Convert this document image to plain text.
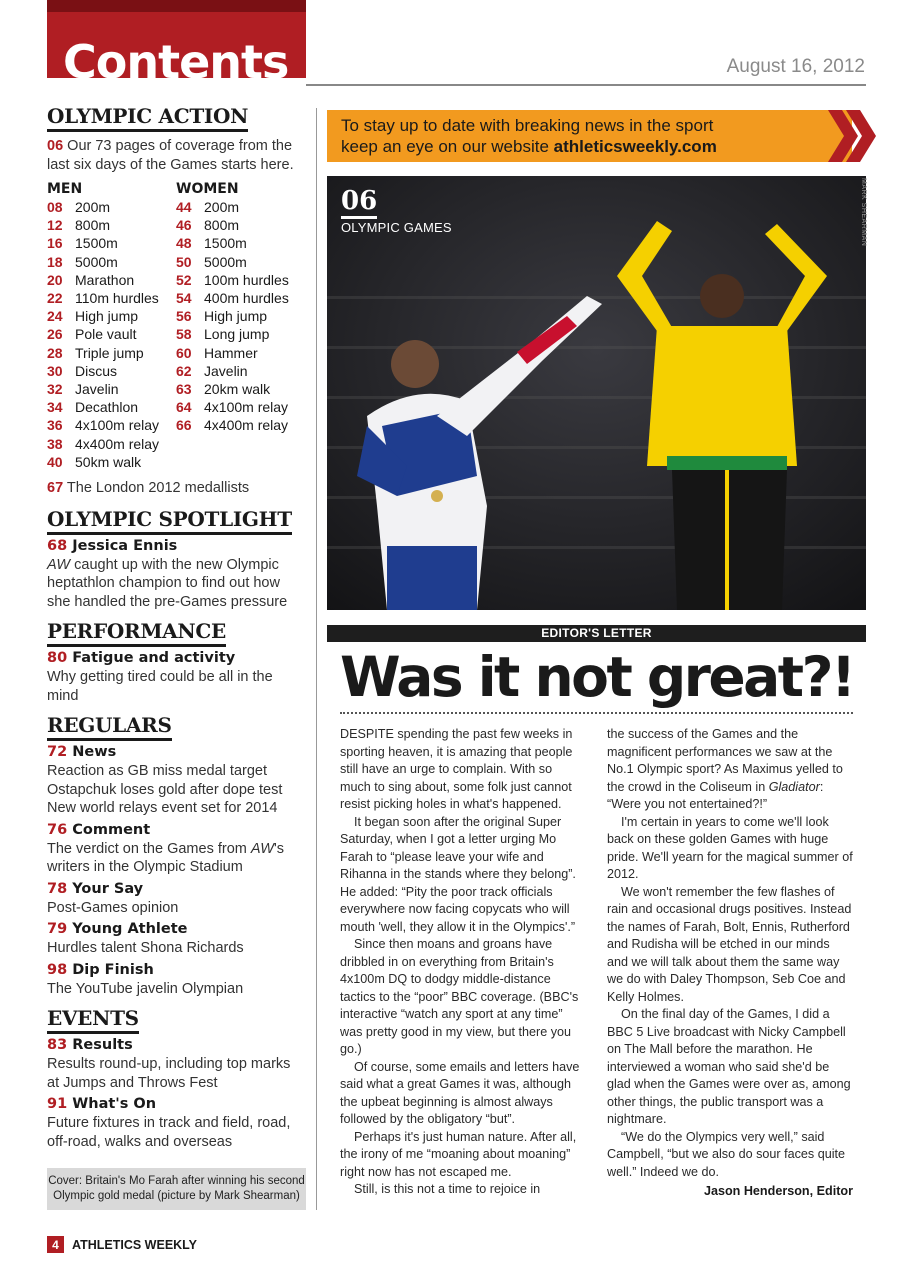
Contents	August 16, 2012
OLYMPIC ACTION
06 Our 73 pages of coverage from the last six days of the Games starts here.
MEN
08 200m
12 800m
16 1500m
18 5000m
20 Marathon
22 110m hurdles
24 High jump
26 Pole vault
28 Triple jump
30 Discus
32 Javelin
34 Decathlon
36 4x100m relay
38 4x400m relay
40 50km walk
WOMEN
44 200m
46 800m
48 1500m
50 5000m
52 100m hurdles
54 400m hurdles
56 High jump
58 Long jump
60 Hammer
62 Javelin
63 20km walk
64 4x100m relay
66 4x400m relay
67 The London 2012 medallists
OLYMPIC SPOTLIGHT
68 Jessica Ennis
AW caught up with the new Olympic heptathlon champion to find out how she handled the pre-Games pressure
PERFORMANCE
80 Fatigue and activity
Why getting tired could be all in the mind
REGULARS
72 News
Reaction as GB miss medal target Ostapchuk loses gold after dope test New world relays event set for 2014
76 Comment
The verdict on the Games from AW's writers in the Olympic Stadium
78 Your Say
Post-Games opinion
79 Young Athlete
Hurdles talent Shona Richards
98 Dip Finish
The YouTube javelin Olympian
EVENTS
83 Results
Results round-up, including top marks at Jumps and Throws Fest
91 What's On
Future fixtures in track and field, road, off-road, walks and overseas
Cover: Britain's Mo Farah after winning his second Olympic gold medal (picture by Mark Shearman)
To stay up to date with breaking news in the sport
keep an eye on our website athleticsweekly.com
06
OLYMPIC GAMES	MARK SHEARMAN
EDITOR'S LETTER
Was it not great?!

DESPITE spending the past few weeks in sporting heaven, it is amazing that people still have an urge to complain. With so much to sing about, some folk just cannot resist picking holes in what's happened.

It began soon after the original Super Saturday, when I got a letter urging Mo Farah to “please leave your wife and Rihanna in the stands where they belong”. He added: “Pity the poor track officials everywhere now facing copycats who will mouth 'well, they allow it in the Olympics'.”

Since then moans and groans have dribbled in on everything from Britain's 4x100m DQ to dodgy middle-distance tactics to the “poor” BBC coverage. (BBC's interactive “watch any sport at any time” was pretty good in my view, but there you go.)

Of course, some emails and letters have said what a great Games it was, although the upbeat beginning is almost always followed by the obligatory “but”.

Perhaps it's just human nature. After all, the irony of me “moaning about moaning” right now has not escaped me.

Still, is this not a time to rejoice in

the success of the Games and the magnificent performances we saw at the No.1 Olympic sport? As Maximus yelled to the crowd in the Coliseum in Gladiator: “Were you not entertained?!”

I'm certain in years to come we'll look back on these golden Games with huge pride. We'll yearn for the magical summer of 2012.

We won't remember the few flashes of rain and occasional drugs positives. Instead the names of Farah, Bolt, Ennis, Rutherford and Rudisha will be etched in our minds and we will talk about them the same way we do with Daley Thompson, Seb Coe and Kelly Holmes.

On the final day of the Games, I did a BBC 5 Live broadcast with Nicky Campbell on The Mall before the marathon. He interviewed a woman who said she'd be glad when the Games were over as, among other things, the public transport was a nightmare.

“We do the Olympics very well,” said Campbell, “but we also do sour faces quite well.” Indeed we do.

Jason Henderson, Editor
4	ATHLETICS WEEKLY
